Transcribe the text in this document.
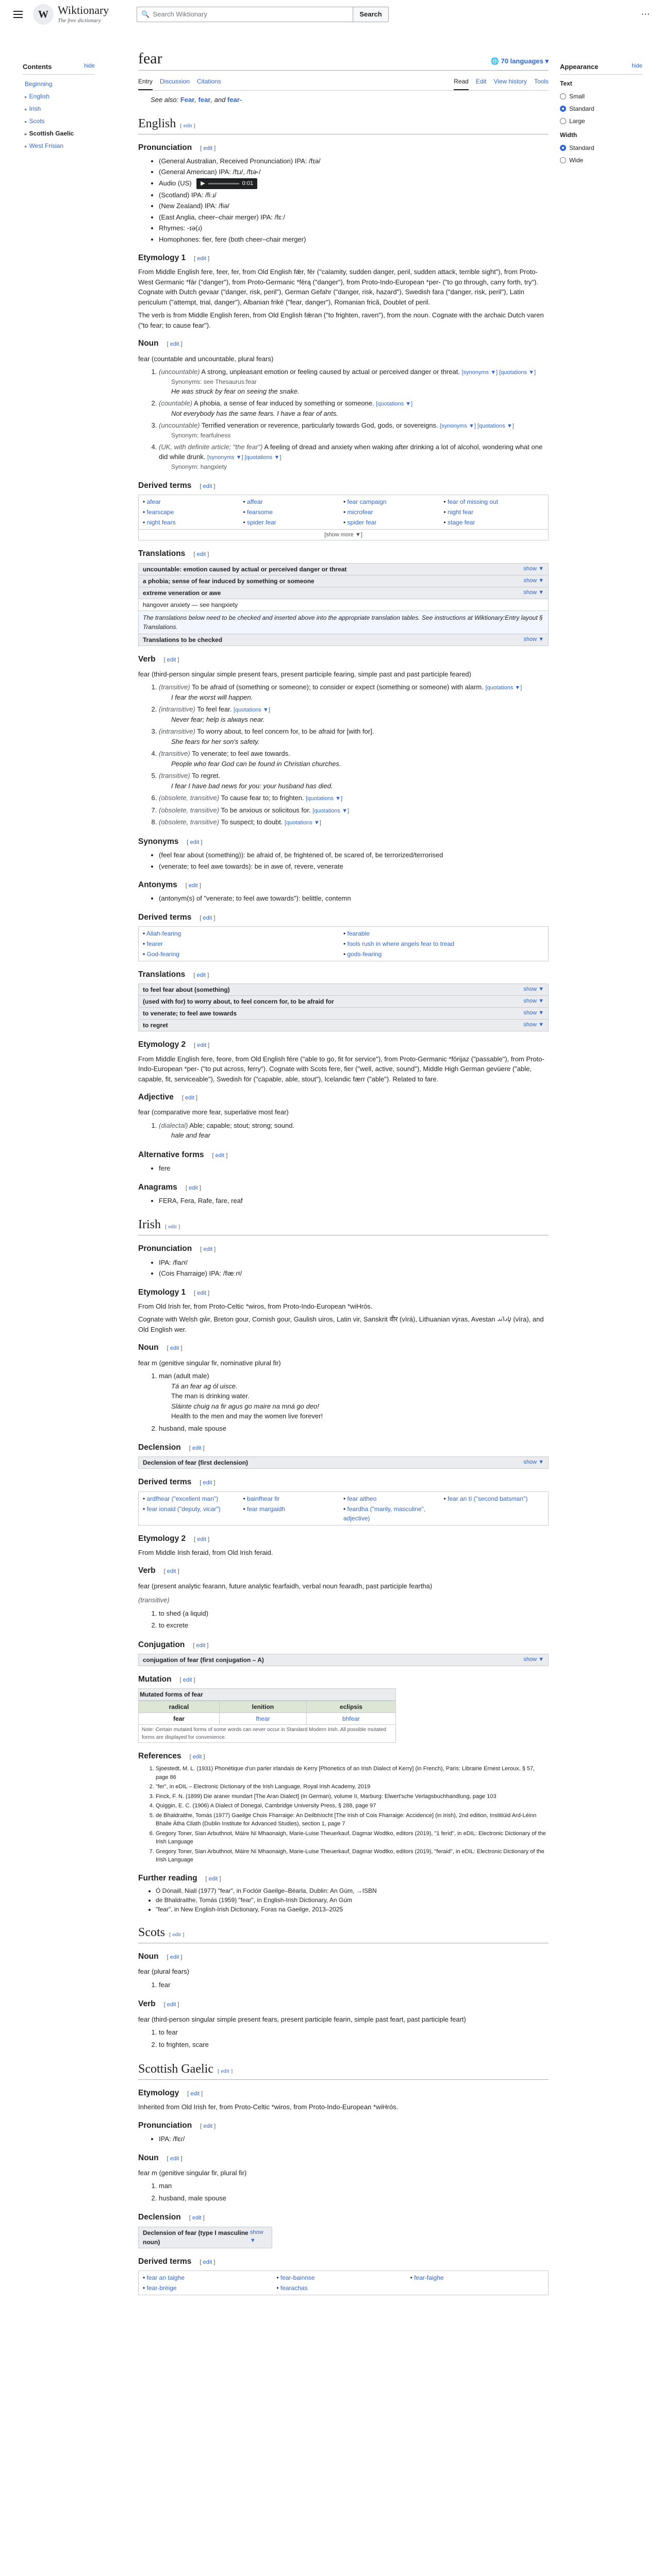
W Wiktionary
The free dictionary
🔍 Search Wiktionary	Search	⋯
Contents	hide
Beginning
▸ English
▸ Irish
▸ Scots
▸ Scottish Gaelic
▸ West Frisian
Appearance	hide
Text
Small
Standard
Large
Width
Standard
Wide
fear	🌐 70 languages ▾
Entry Discussion Citations	Read Edit View history Tools
See also: Fear, fear, and fear-
English [ edit ]
Pronunciation [ edit ]
• (General Australian, Received Pronunciation) IPA: /fɪə/
• (General American) IPA: /fɪɹ/, /fɪə˞/
• Audio (US) ▶	0:01
• (Scotland) IPA: /fiːɹ/
• (New Zealand) IPA: /fiə/
• (East Anglia, cheer–chair merger) IPA: /fɛː/
• Rhymes: -ɪə(ɹ)
• Homophones: fier, fere (both cheer–chair merger)
Etymology 1 [ edit ]

From Middle English fere, feer, fer, from Old English fǣr, fēr ("calamity, sudden danger, peril, sudden attack, terrible sight"), from Proto-West Germanic *fār ("danger"), from Proto-Germanic *fērą ("danger"), from Proto-Indo-European *per- ("to go through, carry forth, try"). Cognate with Dutch gevaar ("danger, risk, peril"), German Gefahr ("danger, risk, hazard"), Swedish fara ("danger, risk, peril"), Latin periculum ("attempt, trial, danger"), Albanian frikë ("fear, danger"), Romanian frică, Doublet of peril.

The verb is from Middle English feren, from Old English fǣran ("to frighten, raven"), from the noun. Cognate with the archaic Dutch varen ("to fear; to cause fear").

Noun [ edit ]
fear (countable and uncountable, plural fears)
1. (uncountable) A strong, unpleasant emotion or feeling caused by actual or perceived danger or threat. [synonyms ▼] [quotations ▼]
Synonyms: see Thesaurus:fear
He was struck by fear on seeing the snake.
2. (countable) A phobia, a sense of fear induced by something or someone. [quotations ▼]
Not everybody has the same fears. I have a fear of ants.
3. (uncountable) Terrified veneration or reverence, particularly towards God, gods, or sovereigns. [synonyms ▼] [quotations ▼]
Synonym: fearfulness
4. (UK, with definite article; "the fear") A feeling of dread and anxiety when waking after drinking a lot of alcohol, wondering what one did while drunk. [synonyms ▼] [quotations ▼]
Synonym: hangxiety
Derived terms [ edit ]
• afear	• affear	• fear campaign	• fear of missing out
• fearscape	• fearsome	• microfear	• night fear
• night fears	• spider fear	• spider fear	• stage fear
[show more ▼]
Translations [ edit ]
uncountable: emotion caused by actual or perceived danger or threat	show ▼
a phobia; sense of fear induced by something or someone	show ▼
extreme veneration or awe	show ▼
hangover anxiety — see hangxiety
The translations below need to be checked and inserted above into the appropriate translation tables. See instructions at Wiktionary:Entry layout § Translations.
Translations to be checked	show ▼
Verb [ edit ]
fear (third-person singular simple present fears, present participle fearing, simple past and past participle feared)
1. (transitive) To be afraid of (something or someone); to consider or expect (something or someone) with alarm. [quotations ▼]
I fear the worst will happen.
2. (intransitive) To feel fear. [quotations ▼]
Never fear; help is always near.
3. (intransitive) To worry about, to feel concern for, to be afraid for [with for].
She fears for her son's safety.
4. (transitive) To venerate; to feel awe towards.
People who fear God can be found in Christian churches.
5. (transitive) To regret.
I fear I have bad news for you: your husband has died.
6. (obsolete, transitive) To cause fear to; to frighten. [quotations ▼]
7. (obsolete, transitive) To be anxious or solicitous for. [quotations ▼]
8. (obsolete, transitive) To suspect; to doubt. [quotations ▼]
Synonyms [ edit ]
• (feel fear about (something)): be afraid of, be frightened of, be scared of, be terrorized/terrorised
• (venerate; to feel awe towards): be in awe of, revere, venerate
Antonyms [ edit ]
• (antonym(s) of "venerate; to feel awe towards"): belittle, contemn
Derived terms [ edit ]
• Allah-fearing	• fearable
• fearer	• fools rush in where angels fear to tread
• God-fearing	• gods-fearing
Translations [ edit ]
to feel fear about (something)	show ▼
(used with for) to worry about, to feel concern for, to be afraid for	show ▼
to venerate; to feel awe towards	show ▼
to regret	show ▼
Etymology 2 [ edit ]

From Middle English fere, feore, from Old English fēre ("able to go, fit for service"), from Proto-Germanic *fōrijaz ("passable"), from Proto-Indo-European *per- ("to put across, ferry"). Cognate with Scots fere, fier ("well, active, sound"), Middle High German gevüere ("able, capable, fit, serviceable"), Swedish för ("capable, able, stout"), Icelandic færr ("able"). Related to fare.

Adjective [ edit ]
fear (comparative more fear, superlative most fear)
1. (dialectal) Able; capable; stout; strong; sound.
hale and fear
Alternative forms [ edit ]
• fere
Anagrams [ edit ]
• FERA, Fera, Rafe, fare, reaf
Irish [ edit ]
Pronunciation [ edit ]
• IPA: /fʲaɾˠ/
• (Cois Fharraige) IPA: /fʲæːɾˠ/
Etymology 1 [ edit ]

From Old Irish fer, from Proto-Celtic *wiros, from Proto-Indo-European *wiHrós.

Cognate with Welsh gŵr, Breton gour, Cornish gour, Gaulish uiros, Latin vir, Sanskrit वीर (vīrá), Lithuanian výras, Avestan 𐬬𐬌𐬭𐬀 (vīra), and Old English wer.

Noun [ edit ]
fear m (genitive singular fir, nominative plural fir)
1. man (adult male)
Tá an fear ag ól uisce.
The man is drinking water.
Sláinte chuig na fir agus go maire na mná go deo!
Health to the men and may the women live forever!
2. husband, male spouse
Declension [ edit ]
Declension of fear (first declension)	show ▼
Derived terms [ edit ]
• ardfhear ("excellent man")	• bainfhear fir	• fear aitheo	• fear an tí ("second batsman")
• fear ionaid ("deputy, vicar")	• fear margaidh	• feardha ("manly, masculine", adjective)
Etymology 2 [ edit ]

From Middle Irish feraid, from Old Irish feraid.

Verb [ edit ]
fear (present analytic fearann, future analytic fearfaidh, verbal noun fearadh, past participle feartha)
(transitive)
1. to shed (a liquid)
2. to excrete
Conjugation [ edit ]
conjugation of fear (first conjugation – A)	show ▼
Mutation [ edit ]
Mutated forms of fear
radical	lenition	eclipsis
fear	fhear	bhfear
Note: Certain mutated forms of some words can never occur in Standard Modern Irish. All possible mutated forms are displayed for convenience.		
References [ edit ]
1. Sjoestedt, M. L. (1931) Phonétique d'un parler irlandais de Kerry [Phonetics of an Irish Dialect of Kerry] (in French), Paris: Librairie Ernest Leroux, § 57, page 86
2. "fer", in eDIL – Electronic Dictionary of the Irish Language, Royal Irish Academy, 2019
3. Finck, F. N. (1899) Die araner mundart [The Aran Dialect] (in German), volume II, Marburg: Elwert'sche Verlagsbuchhandlung, page 103
4. Quiggin, E. C. (1906) A Dialect of Donegal, Cambridge University Press, § 288, page 97
5. de Bhaldraithe, Tomás (1977) Gaeilge Chois Fharraige: An Deilbhíocht [The Irish of Cois Fharraige: Accidence] (in Irish), 2nd edition, Institiúid Ard-Léinn Bhaile Átha Cliath (Dublin Institute for Advanced Studies), section 1, page 7
6. Gregory Toner, Sian Arbuthnot, Máire Ní Mhaonaigh, Marie-Luise Theuerkauf, Dagmar Wodtko, editors (2019), "1 ferid", in eDIL: Electronic Dictionary of the Irish Language
7. Gregory Toner, Sian Arbuthnot, Máire Ní Mhaonaigh, Marie-Luise Theuerkauf, Dagmar Wodtko, editors (2019), "feraid", in eDIL: Electronic Dictionary of the Irish Language
Further reading [ edit ]
• Ó Dónaill, Niall (1977) "fear", in Foclóir Gaeilge–Béarla, Dublin: An Gúm, →ISBN
• de Bhaldraithe, Tomás (1959) "fear", in English-Irish Dictionary, An Gúm
• "fear", in New English-Irish Dictionary, Foras na Gaeilge, 2013–2025
Scots [ edit ]
Noun [ edit ]
fear (plural fears)
1. fear
Verb [ edit ]
fear (third-person singular simple present fears, present participle fearin, simple past feart, past participle feart)
1. to fear
2. to frighten, scare
Scottish Gaelic [ edit ]
Etymology [ edit ]

Inherited from Old Irish fer, from Proto-Celtic *wiros, from Proto-Indo-European *wiHrós.

Pronunciation [ edit ]
• IPA: /fʲɛɾ/
Noun [ edit ]
fear m (genitive singular fir, plural fir)
1. man
2. husband, male spouse
Declension [ edit ]
Declension of fear (type I masculine noun)
show ▼
Derived terms [ edit ]
• fear an taighe	• fear-bainnse	• fear-faighe
• fear-brèige	• fearachas
